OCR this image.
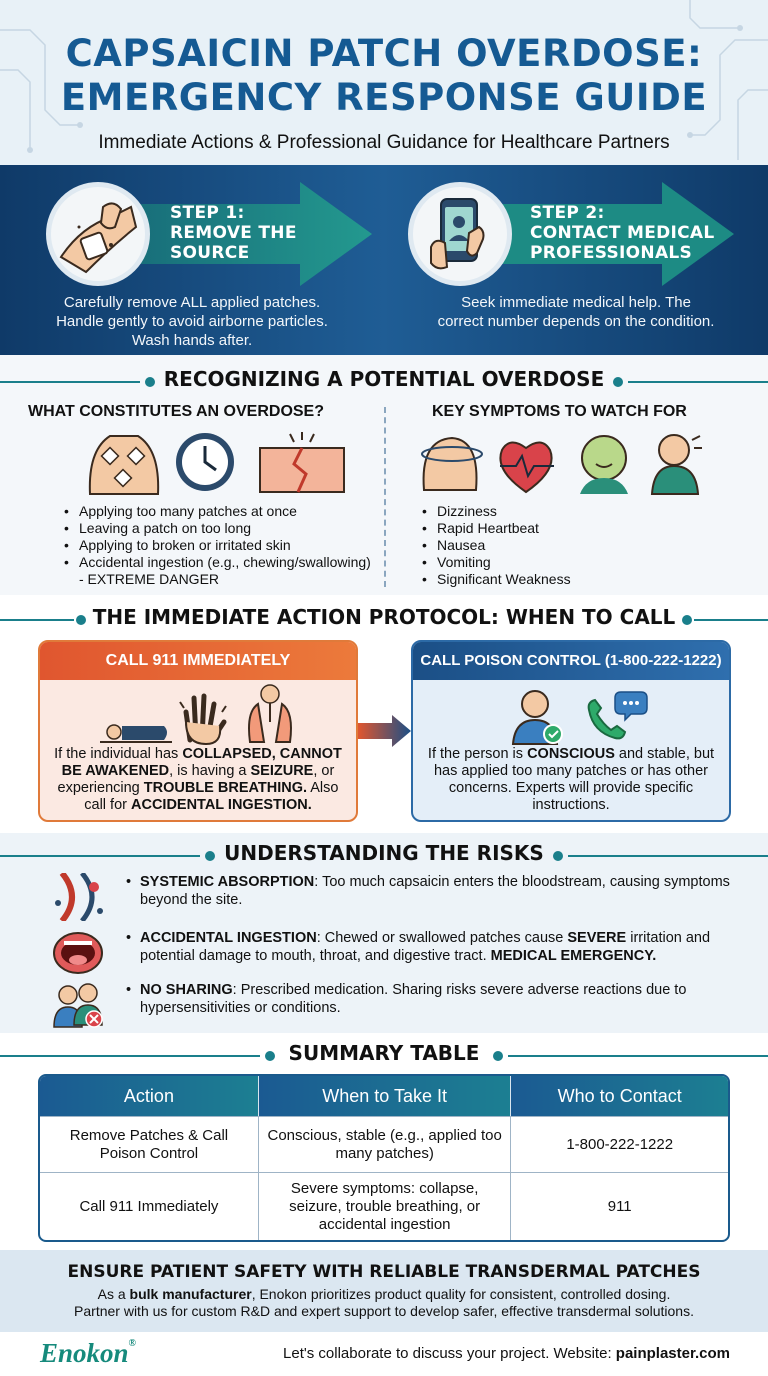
CAPSAICIN PATCH OVERDOSE:
EMERGENCY RESPONSE GUIDE
Immediate Actions & Professional Guidance for Healthcare Partners
STEP 1:
REMOVE THE
SOURCE
Carefully remove ALL applied patches.
Handle gently to avoid airborne particles.
Wash hands after.
STEP 2:
CONTACT MEDICAL
PROFESSIONALS
Seek immediate medical help. The
correct number depends on the condition.
RECOGNIZING A POTENTIAL OVERDOSE
WHAT CONSTITUTES AN OVERDOSE?	KEY SYMPTOMS TO WATCH FOR
• Applying too many patches at once
• Leaving a patch on too long
• Applying to broken or irritated skin
• Accidental ingestion (e.g., chewing/swallowing) - EXTREME DANGER
• Dizziness
• Rapid Heartbeat
• Nausea
• Vomiting
• Significant Weakness
THE IMMEDIATE ACTION PROTOCOL: WHEN TO CALL
CALL 911 IMMEDIATELY
If the individual has COLLAPSED, CANNOT BE AWAKENED, is having a SEIZURE, or experiencing TROUBLE BREATHING. Also call for ACCIDENTAL INGESTION.
CALL POISON CONTROL (1-800-222-1222)
If the person is CONSCIOUS and stable, but has applied too many patches or has other concerns. Experts will provide specific instructions.
UNDERSTANDING THE RISKS
• SYSTEMIC ABSORPTION: Too much capsaicin enters the bloodstream, causing symptoms beyond the site.
• ACCIDENTAL INGESTION: Chewed or swallowed patches cause SEVERE irritation and potential damage to mouth, throat, and digestive tract. MEDICAL EMERGENCY.
• NO SHARING: Prescribed medication. Sharing risks severe adverse reactions due to hypersensitivities or conditions.
SUMMARY TABLE
Action	When to Take It	Who to Contact
Remove Patches & Call Poison Control	Conscious, stable (e.g., applied too many patches)	1-800-222-1222
Call 911 Immediately	Severe symptoms: collapse, seizure, trouble breathing, or accidental ingestion	911
ENSURE PATIENT SAFETY WITH RELIABLE TRANSDERMAL PATCHES

As a bulk manufacturer, Enokon prioritizes product quality for consistent, controlled dosing.
Partner with us for custom R&D and expert support to develop safer, effective transdermal solutions.

Enokon®
Let's collaborate to discuss your project. Website: painplaster.com
